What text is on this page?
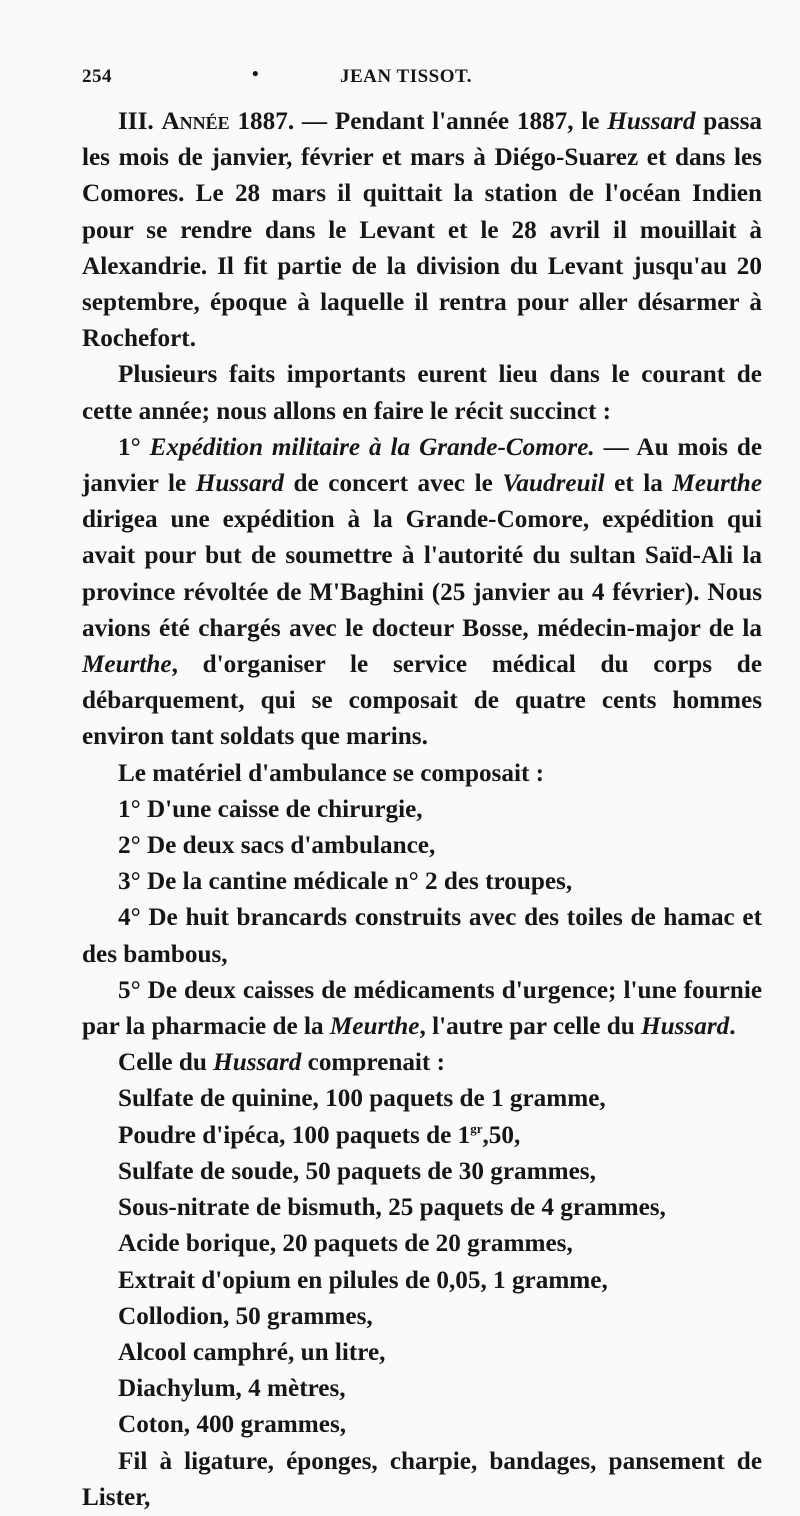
254	•	JEAN TISSOT.

III. Année 1887. — Pendant l'année 1887, le Hussard passa les mois de janvier, février et mars à Diégo-Suarez et dans les Comores. Le 28 mars il quittait la station de l'océan Indien pour se rendre dans le Levant et le 28 avril il mouillait à Alexandrie. Il fit partie de la division du Levant jusqu'au 20 septembre, époque à laquelle il rentra pour aller désarmer à Rochefort.

Plusieurs faits importants eurent lieu dans le courant de cette année; nous allons en faire le récit succinct :

1° Expédition militaire à la Grande-Comore. — Au mois de janvier le Hussard de concert avec le Vaudreuil et la Meurthe dirigea une expédition à la Grande-Comore, expédition qui avait pour but de soumettre à l'autorité du sultan Saïd-Ali la province révoltée de M'Baghini (25 janvier au 4 février). Nous avions été chargés avec le docteur Bosse, médecin-major de la Meurthe, d'organiser le service médical du corps de débarquement, qui se composait de quatre cents hommes environ tant soldats que marins.

Le matériel d'ambulance se composait :

1° D'une caisse de chirurgie,

2° De deux sacs d'ambulance,

3° De la cantine médicale n° 2 des troupes,

4° De huit brancards construits avec des toiles de hamac et des bambous,

5° De deux caisses de médicaments d'urgence; l'une fournie par la pharmacie de la Meurthe, l'autre par celle du Hussard.

Celle du Hussard comprenait :

Sulfate de quinine, 100 paquets de 1 gramme,

Poudre d'ipéca, 100 paquets de $1^{gr},50$,

Sulfate de soude, 50 paquets de 30 grammes,

Sous-nitrate de bismuth, 25 paquets de 4 grammes,

Acide borique, 20 paquets de 20 grammes,

Extrait d'opium en pilules de 0,05, 1 gramme,

Collodion, 50 grammes,

Alcool camphré, un litre,

Diachylum, 4 mètres,

Coton, 400 grammes,

Fil à ligature, éponges, charpie, bandages, pansement de Lister,
